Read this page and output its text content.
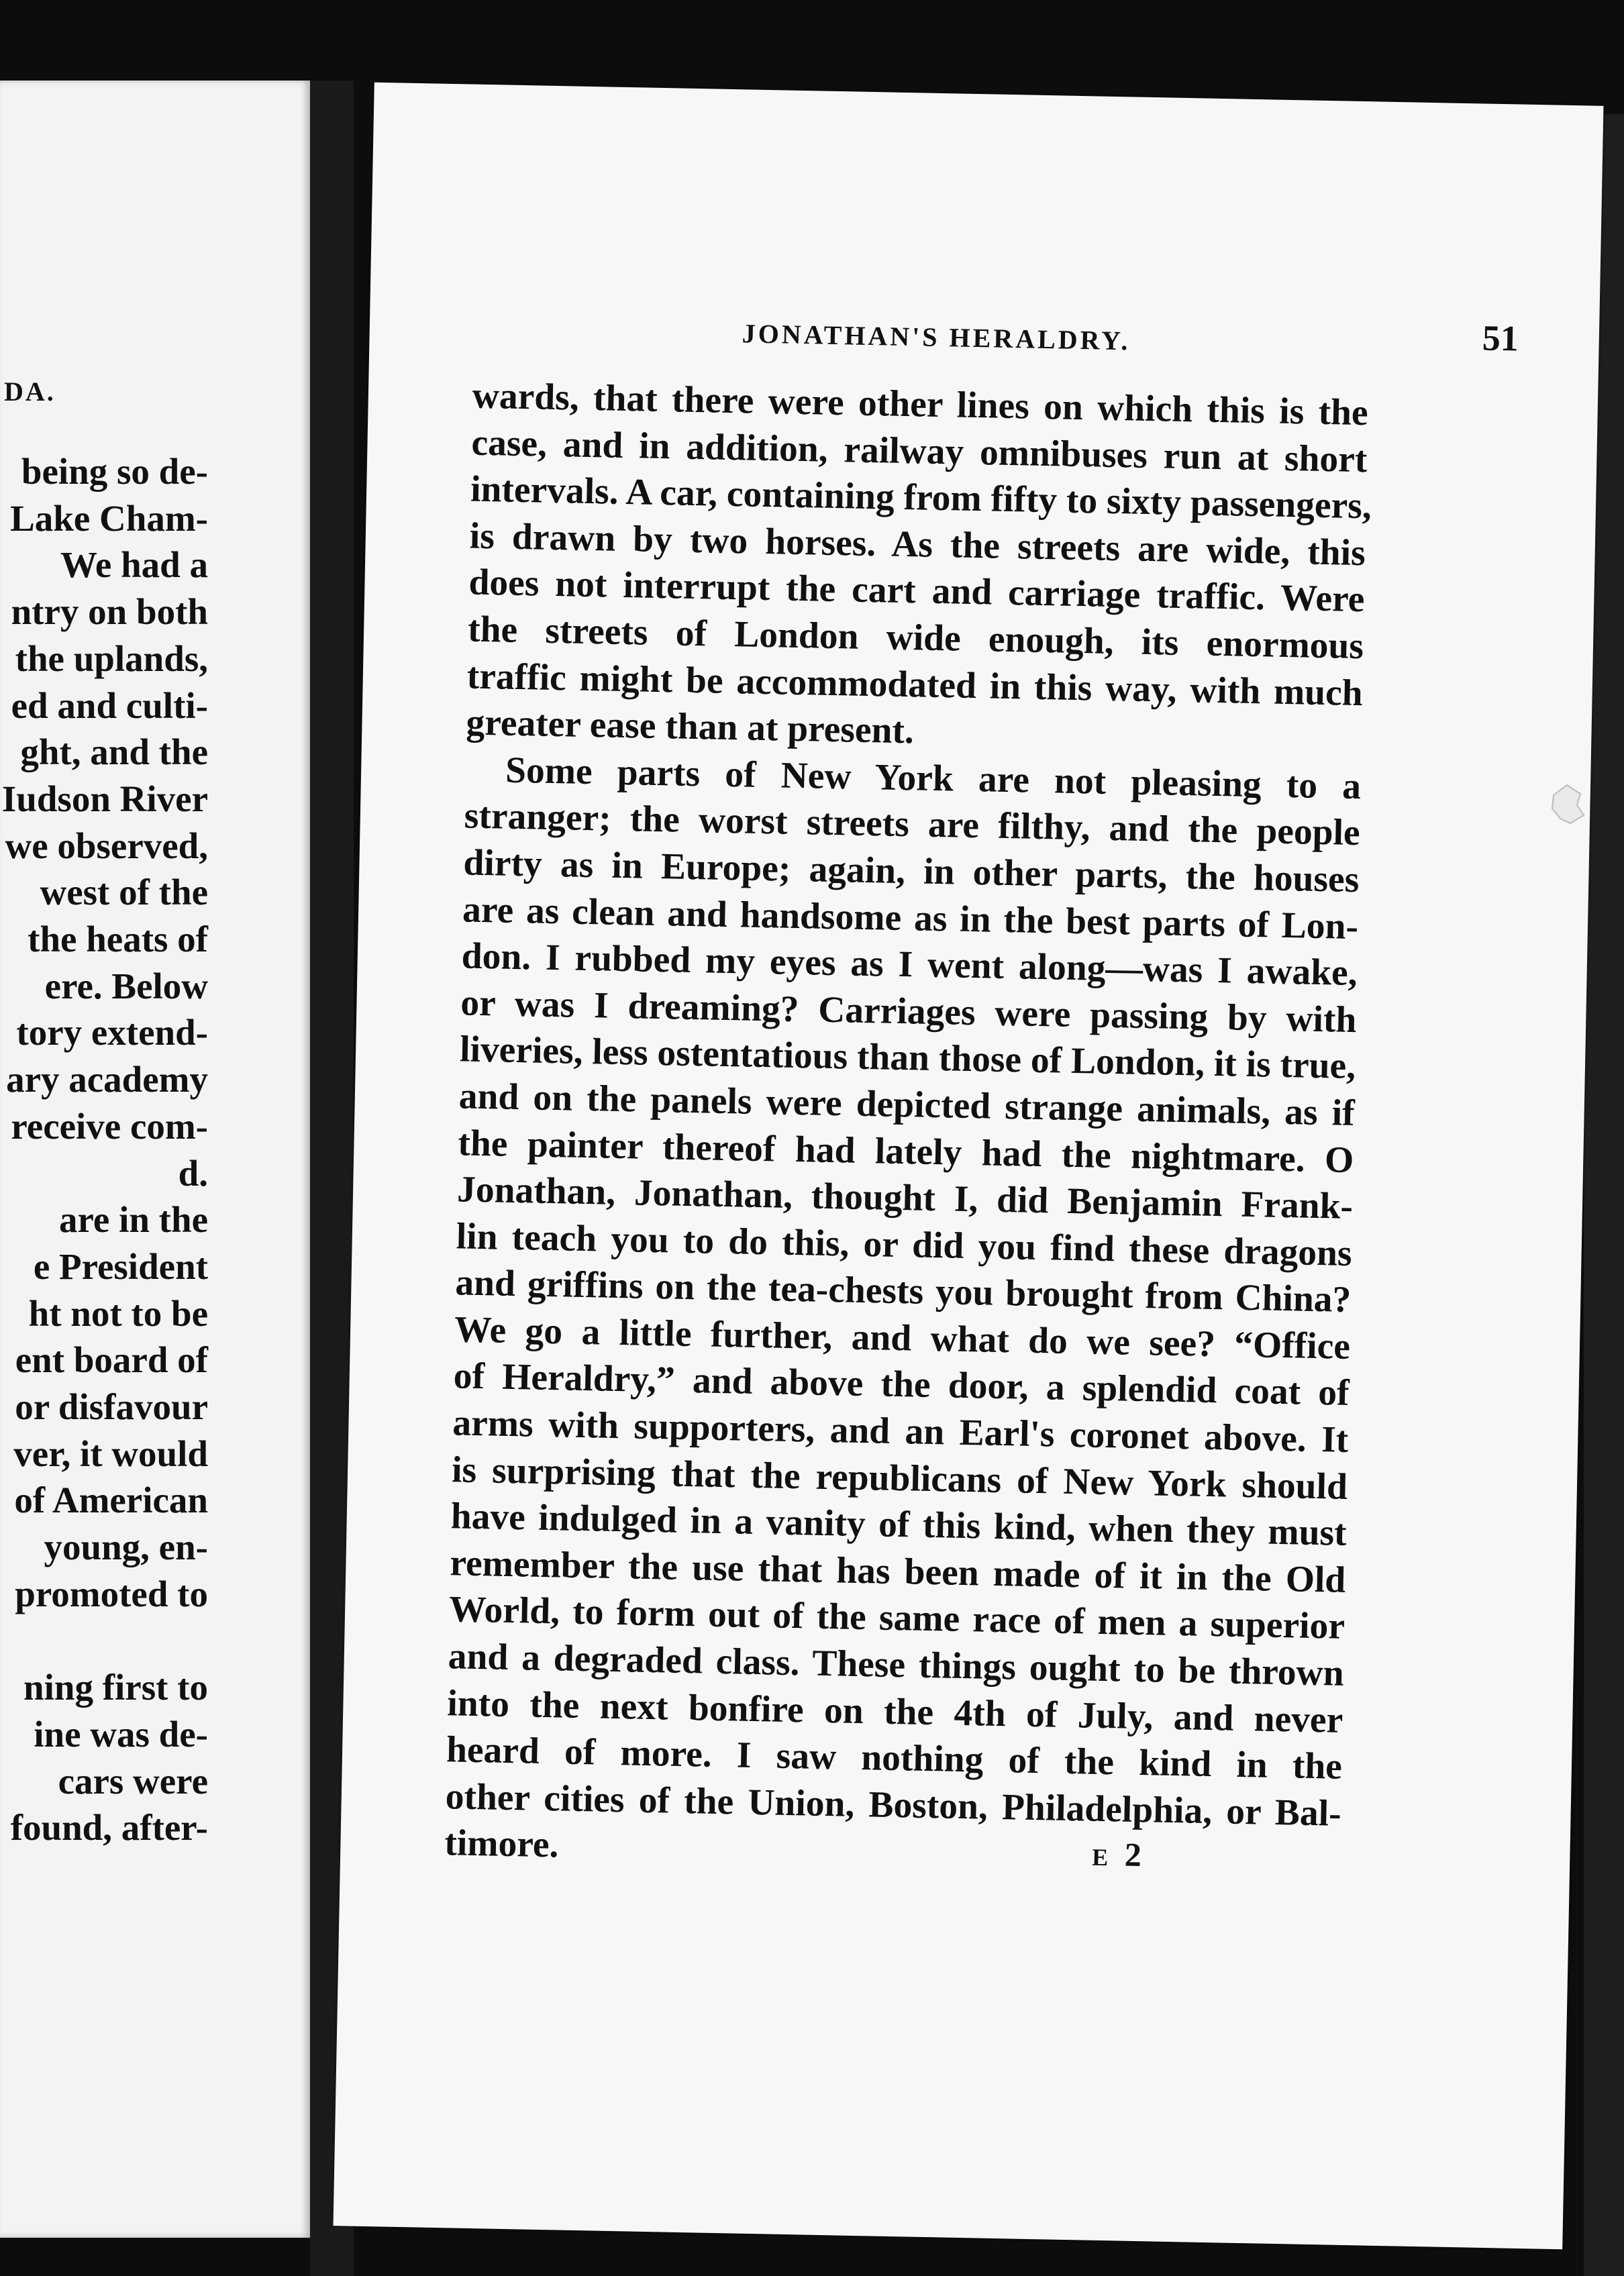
DA.
being so de-
Lake Cham-
We had a
ntry on both
the uplands,
ed and culti-
ght, and the
Iudson River
we observed,
west of the
the heats of
ere. Below
tory extend-
ary academy
receive com-
d.
are in the
e President
ht not to be
ent board of
or disfavour
ver, it would
of American
young, en-
promoted to

ning first to
ine was de-
cars were
found, after-
JONATHAN'S HERALDRY.	51
wards, that there were other lines on which this is the
case, and in addition, railway omnibuses run at short
intervals. A car, containing from fifty to sixty passengers,
is drawn by two horses. As the streets are wide, this
does not interrupt the cart and carriage traffic. Were
the streets of London wide enough, its enormous
traffic might be accommodated in this way, with much
greater ease than at present.
Some parts of New York are not pleasing to a
stranger; the worst streets are filthy, and the people
dirty as in Europe; again, in other parts, the houses
are as clean and handsome as in the best parts of Lon-
don. I rubbed my eyes as I went along—was I awake,
or was I dreaming? Carriages were passing by with
liveries, less ostentatious than those of London, it is true,
and on the panels were depicted strange animals, as if
the painter thereof had lately had the nightmare. O
Jonathan, Jonathan, thought I, did Benjamin Frank-
lin teach you to do this, or did you find these dragons
and griffins on the tea-chests you brought from China?
We go a little further, and what do we see? “Office
of Heraldry,” and above the door, a splendid coat of
arms with supporters, and an Earl's coronet above. It
is surprising that the republicans of New York should
have indulged in a vanity of this kind, when they must
remember the use that has been made of it in the Old
World, to form out of the same race of men a superior
and a degraded class. These things ought to be thrown
into the next bonfire on the 4th of July, and never
heard of more. I saw nothing of the kind in the
other cities of the Union, Boston, Philadelphia, or Bal-
timore.	E 2
